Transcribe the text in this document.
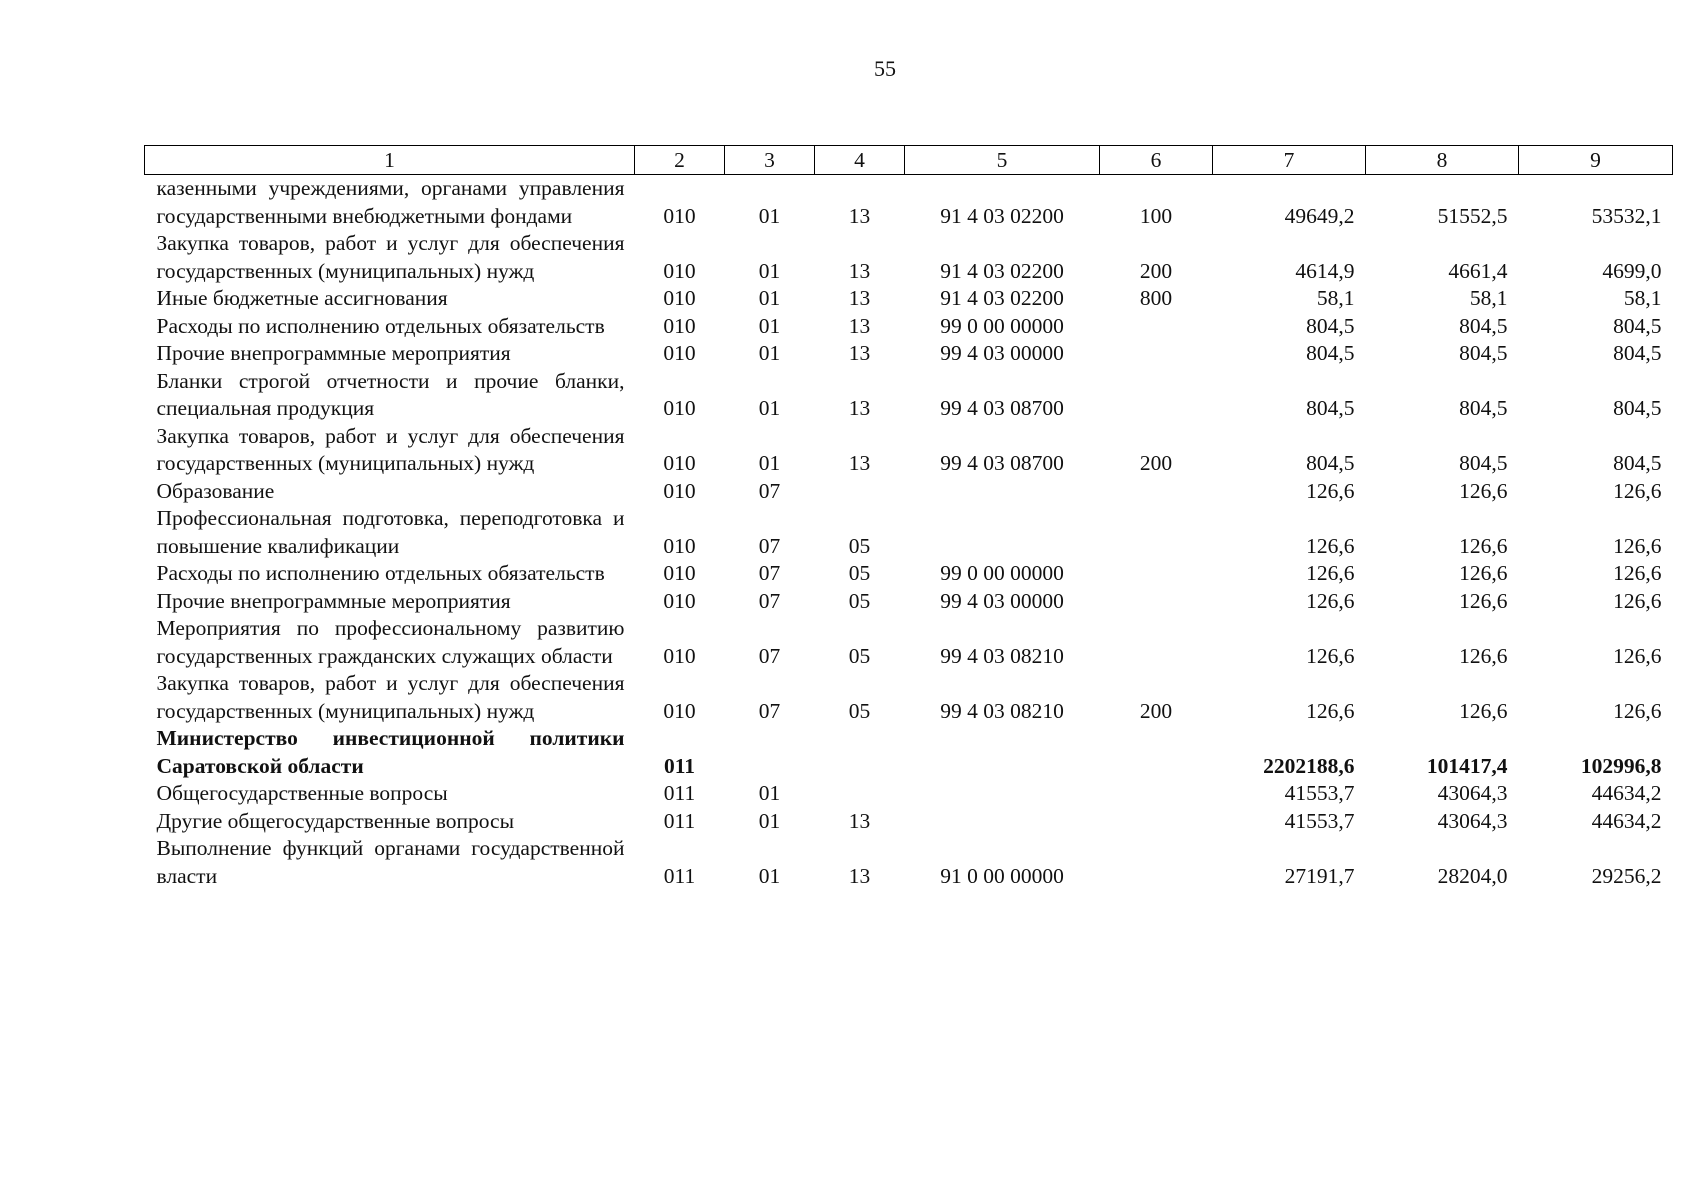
55
1	2	3	4	5	6	7	8	9
казенными учреждениями, органами управления государственными внебюджетными фондами	010	01	13	91 4 03 02200	100	49649,2	51552,5	53532,1
Закупка товаров, работ и услуг для обеспечения государственных (муниципальных) нужд	010	01	13	91 4 03 02200	200	4614,9	4661,4	4699,0
Иные бюджетные ассигнования	010	01	13	91 4 03 02200	800	58,1	58,1	58,1
Расходы по исполнению отдельных обязательств	010	01	13	99 0 00 00000		804,5	804,5	804,5
Прочие внепрограммные мероприятия	010	01	13	99 4 03 00000		804,5	804,5	804,5
Бланки строгой отчетности и прочие бланки, специальная продукция	010	01	13	99 4 03 08700		804,5	804,5	804,5
Закупка товаров, работ и услуг для обеспечения государственных (муниципальных) нужд	010	01	13	99 4 03 08700	200	804,5	804,5	804,5
Образование	010	07				126,6	126,6	126,6
Профессиональная подготовка, переподготовка и повышение квалификации	010	07	05			126,6	126,6	126,6
Расходы по исполнению отдельных обязательств	010	07	05	99 0 00 00000		126,6	126,6	126,6
Прочие внепрограммные мероприятия	010	07	05	99 4 03 00000		126,6	126,6	126,6
Мероприятия по профессиональному развитию государственных гражданских служащих области	010	07	05	99 4 03 08210		126,6	126,6	126,6
Закупка товаров, работ и услуг для обеспечения государственных (муниципальных) нужд	010	07	05	99 4 03 08210	200	126,6	126,6	126,6
Министерство инвестиционной политики Саратовской области	011					2202188,6	101417,4	102996,8
Общегосударственные вопросы	011	01				41553,7	43064,3	44634,2
Другие общегосударственные вопросы	011	01	13			41553,7	43064,3	44634,2
Выполнение функций органами государственной власти	011	01	13	91 0 00 00000		27191,7	28204,0	29256,2
